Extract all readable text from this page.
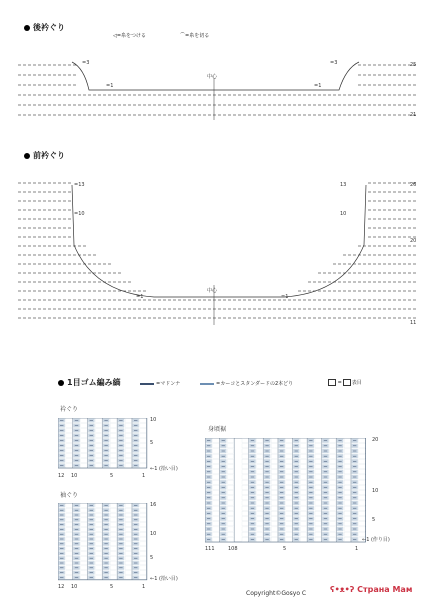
後衿ぐり
◁=糸をつける	⌒=糸を切る
中心
=3
=1
=3
=1
25
21
前衿ぐり
中心
=13
=10
=1
13
10
=1
26
20
11
1目ゴム編み縞	=マドンナ	=カーコとスタンダードの2本どり	= 表目
衿ぐり
10
5
←1 (拾い目)
12 10	5	1
袖ぐり
16
10
5
←1 (拾い目)
12 10	5	1
身頃裾
20
10
5
←1 (作り目)
111	108	5	1
Copyright©Gosyo C	ʕ•ᴥ•ʔ Страна Мам
